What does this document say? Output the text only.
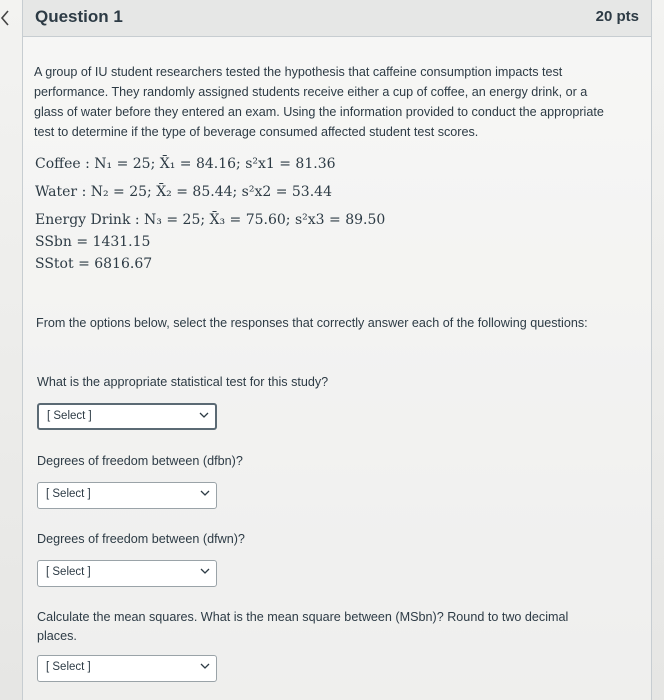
Question 1	20 pts
A group of IU student researchers tested the hypothesis that caffeine consumption impacts test performance. They randomly assigned students receive either a cup of coffee, an energy drink, or a glass of water before they entered an exam. Using the information provided to conduct the appropriate test to determine if the type of beverage consumed affected student test scores.
Coffee : N₁ = 25; X̄₁ = 84.16; s²x1 = 81.36
Water : N₂ = 25; X̄₂ = 85.44; s²x2 = 53.44
Energy Drink : N₃ = 25; X̄₃ = 75.60; s²x3 = 89.50
SSbn = 1431.15
SStot = 6816.67
From the options below, select the responses that correctly answer each of the following questions:
What is the appropriate statistical test for this study?
[ Select ]
Degrees of freedom between (dfbn)?
[ Select ]
Degrees of freedom between (dfwn)?
[ Select ]
Calculate the mean squares. What is the mean square between (MSbn)? Round to two decimal places.
[ Select ]
